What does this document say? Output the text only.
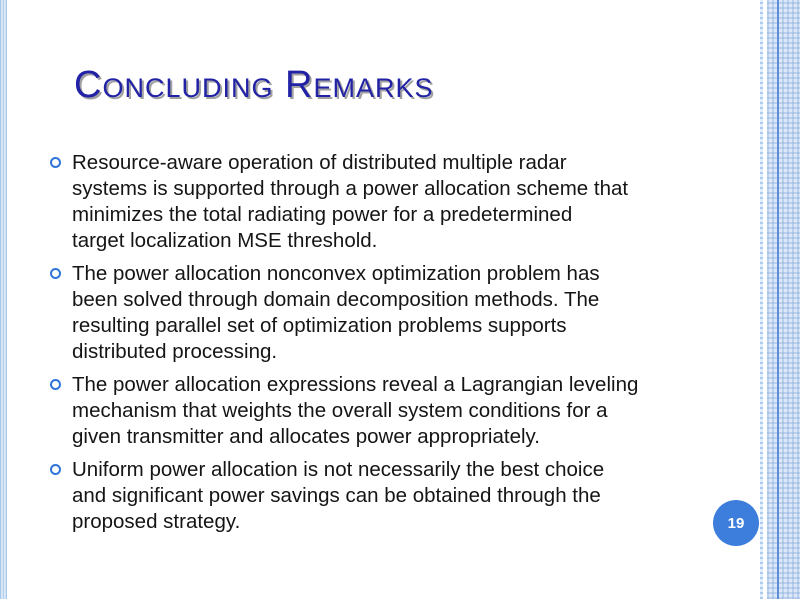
Concluding Remarks
Resource-aware operation of distributed multiple radar
systems is supported through a power allocation scheme that
minimizes the total radiating power for a predetermined
target localization MSE threshold.
The power allocation nonconvex optimization problem has
been solved through domain decomposition methods. The
resulting parallel set of optimization problems supports
distributed processing.
The power allocation expressions reveal a Lagrangian leveling
mechanism that weights the overall system conditions for a
given transmitter and allocates power appropriately.
Uniform power allocation is not necessarily the best choice
and significant power savings can be obtained through the
proposed strategy.	19
